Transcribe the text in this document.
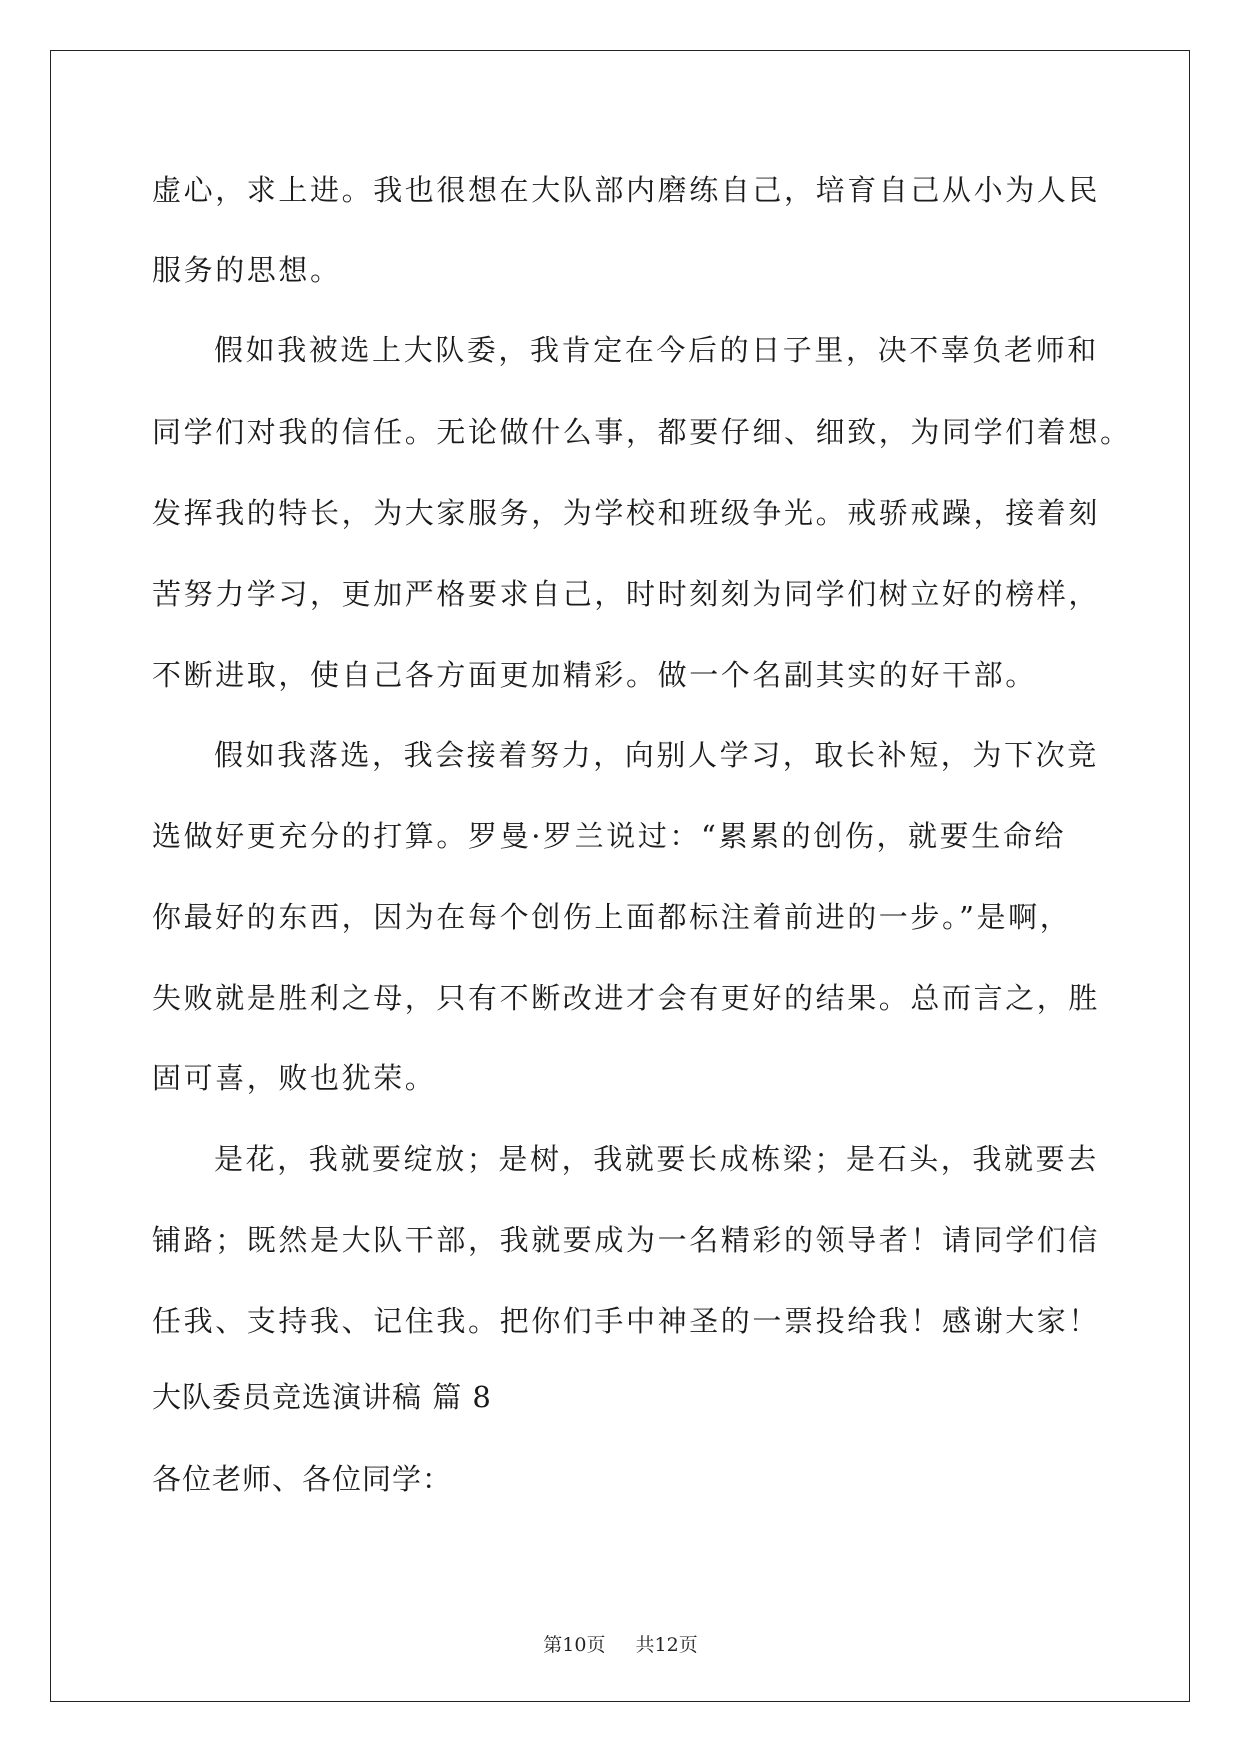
虚心，求上进。我也很想在大队部内磨练自己，培育自己从小为人民
服务的思想。
假如我被选上大队委，我肯定在今后的日子里，决不辜负老师和
同学们对我的信任。无论做什么事，都要仔细、细致，为同学们着想。
发挥我的特长，为大家服务，为学校和班级争光。戒骄戒躁，接着刻
苦努力学习，更加严格要求自己，时时刻刻为同学们树立好的榜样，
不断进取，使自己各方面更加精彩。做一个名副其实的好干部。
假如我落选，我会接着努力，向别人学习，取长补短，为下次竞
选做好更充分的打算。罗曼·罗兰说过：“累累的创伤，就要生命给
你最好的东西，因为在每个创伤上面都标注着前进的一步。”是啊，
失败就是胜利之母，只有不断改进才会有更好的结果。总而言之，胜
固可喜，败也犹荣。
是花，我就要绽放；是树，我就要长成栋梁；是石头，我就要去
铺路；既然是大队干部，我就要成为一名精彩的领导者！请同学们信
任我、支持我、记住我。把你们手中神圣的一票投给我！感谢大家！
大队委员竞选演讲稿 篇 8
各位老师、各位同学：
第10页 共12页
